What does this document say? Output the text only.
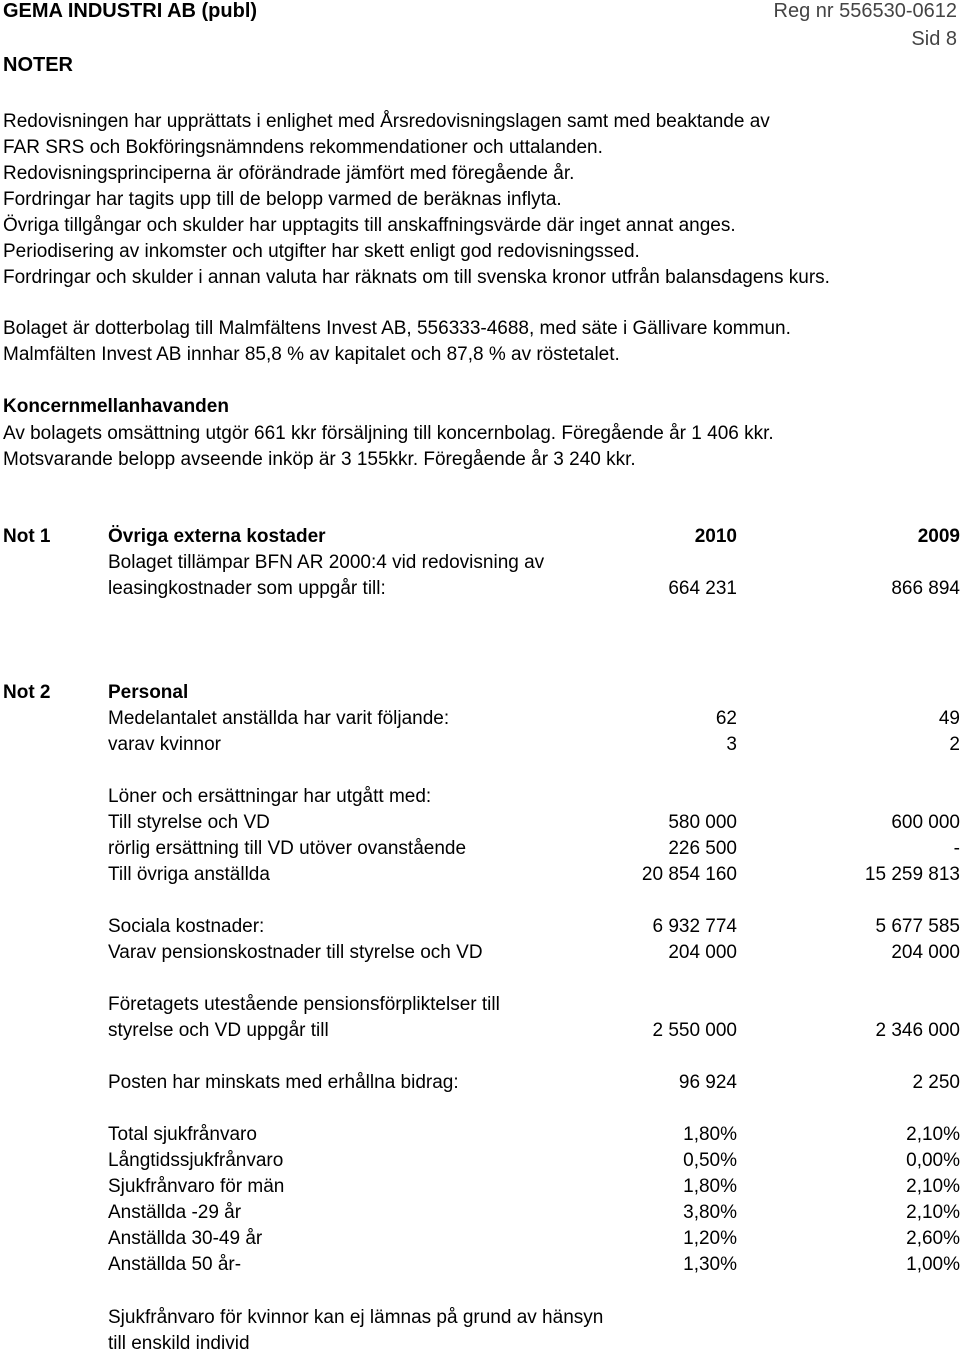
GEMA INDUSTRI AB (publ)	Reg nr 556530-0612
Sid 8
NOTER
Redovisningen har upprättats i enlighet med Årsredovisningslagen samt med beaktande av
FAR SRS och Bokföringsnämndens rekommendationer och uttalanden.
Redovisningsprinciperna är oförändrade jämfört med föregående år.
Fordringar har tagits upp till de belopp varmed de beräknas inflyta.
Övriga tillgångar och skulder har upptagits till anskaffningsvärde där inget annat anges.
Periodisering av inkomster och utgifter har skett enligt god redovisningssed.
Fordringar och skulder i annan valuta har räknats om till svenska kronor utfrån balansdagens kurs.
Bolaget är dotterbolag till Malmfältens Invest AB, 556333-4688, med säte i Gällivare kommun.
Malmfälten Invest AB innhar 85,8 % av kapitalet och 87,8 % av röstetalet.
Koncernmellanhavanden
Av bolagets omsättning utgör 661 kkr försäljning till koncernbolag. Föregående år 1 406 kkr.
Motsvarande belopp avseende inköp är 3 155kkr. Föregående år 3 240 kkr.
Not 1	Övriga externa kostader	2010	2009
Bolaget tillämpar BFN AR 2000:4 vid redovisning av
leasingkostnader som uppgår till:	664 231	866 894
Not 2	Personal
Medelantalet anställda har varit följande:	62	49
varav kvinnor	3	2
Löner och ersättningar har utgått med:
Till styrelse och VD	580 000	600 000
rörlig ersättning till VD utöver ovanstående	226 500	-
Till övriga anställda	20 854 160	15 259 813
Sociala kostnader:	6 932 774	5 677 585
Varav pensionskostnader till styrelse och VD	204 000	204 000
Företagets utestående pensionsförpliktelser till
styrelse och VD uppgår till	2 550 000	2 346 000
Posten har minskats med erhållna bidrag:	96 924	2 250
Total sjukfrånvaro	1,80%	2,10%
Långtidssjukfrånvaro	0,50%	0,00%
Sjukfrånvaro för män	1,80%	2,10%
Anställda -29 år	3,80%	2,10%
Anställda 30-49 år	1,20%	2,60%
Anställda 50 år-	1,30%	1,00%
Sjukfrånvaro för kvinnor kan ej lämnas på grund av hänsyn
till enskild individ
